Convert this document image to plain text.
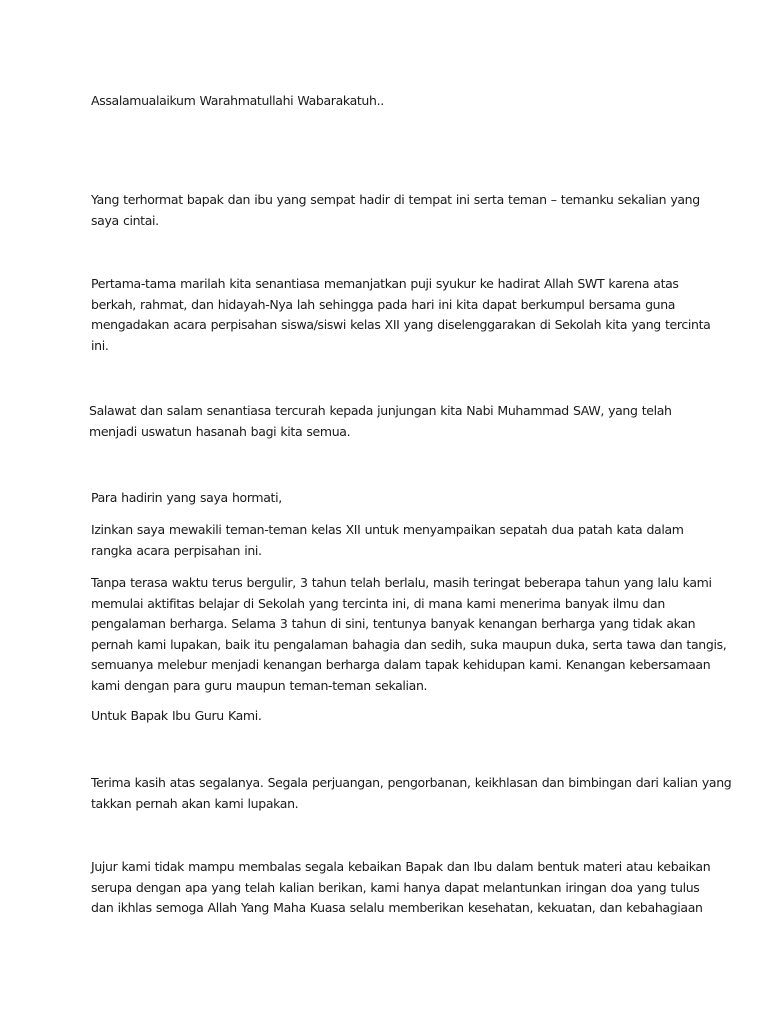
Assalamualaikum Warahmatullahi Wabarakatuh..

Yang terhormat bapak dan ibu yang sempat hadir di tempat ini serta teman – temanku sekalian yang
saya cintai.

Pertama-tama marilah kita senantiasa memanjatkan puji syukur ke hadirat Allah SWT karena atas
berkah, rahmat, dan hidayah-Nya lah sehingga pada hari ini kita dapat berkumpul bersama guna
mengadakan acara perpisahan siswa/siswi kelas XII yang diselenggarakan di Sekolah kita yang tercinta
ini.

Salawat dan salam senantiasa tercurah kepada junjungan kita Nabi Muhammad SAW, yang telah
menjadi uswatun hasanah bagi kita semua.

Para hadirin yang saya hormati,

Izinkan saya mewakili teman-teman kelas XII untuk menyampaikan sepatah dua patah kata dalam
rangka acara perpisahan ini.

Tanpa terasa waktu terus bergulir, 3 tahun telah berlalu, masih teringat beberapa tahun yang lalu kami
memulai aktifitas belajar di Sekolah yang tercinta ini, di mana kami menerima banyak ilmu dan
pengalaman berharga. Selama 3 tahun di sini, tentunya banyak kenangan berharga yang tidak akan
pernah kami lupakan, baik itu pengalaman bahagia dan sedih, suka maupun duka, serta tawa dan tangis,
semuanya melebur menjadi kenangan berharga dalam tapak kehidupan kami. Kenangan kebersamaan
kami dengan para guru maupun teman-teman sekalian.

Untuk Bapak Ibu Guru Kami.

Terima kasih atas segalanya. Segala perjuangan, pengorbanan, keikhlasan dan bimbingan dari kalian yang
takkan pernah akan kami lupakan.

Jujur kami tidak mampu membalas segala kebaikan Bapak dan Ibu dalam bentuk materi atau kebaikan
serupa dengan apa yang telah kalian berikan, kami hanya dapat melantunkan iringan doa yang tulus
dan ikhlas semoga Allah Yang Maha Kuasa selalu memberikan kesehatan, kekuatan, dan kebahagiaan
